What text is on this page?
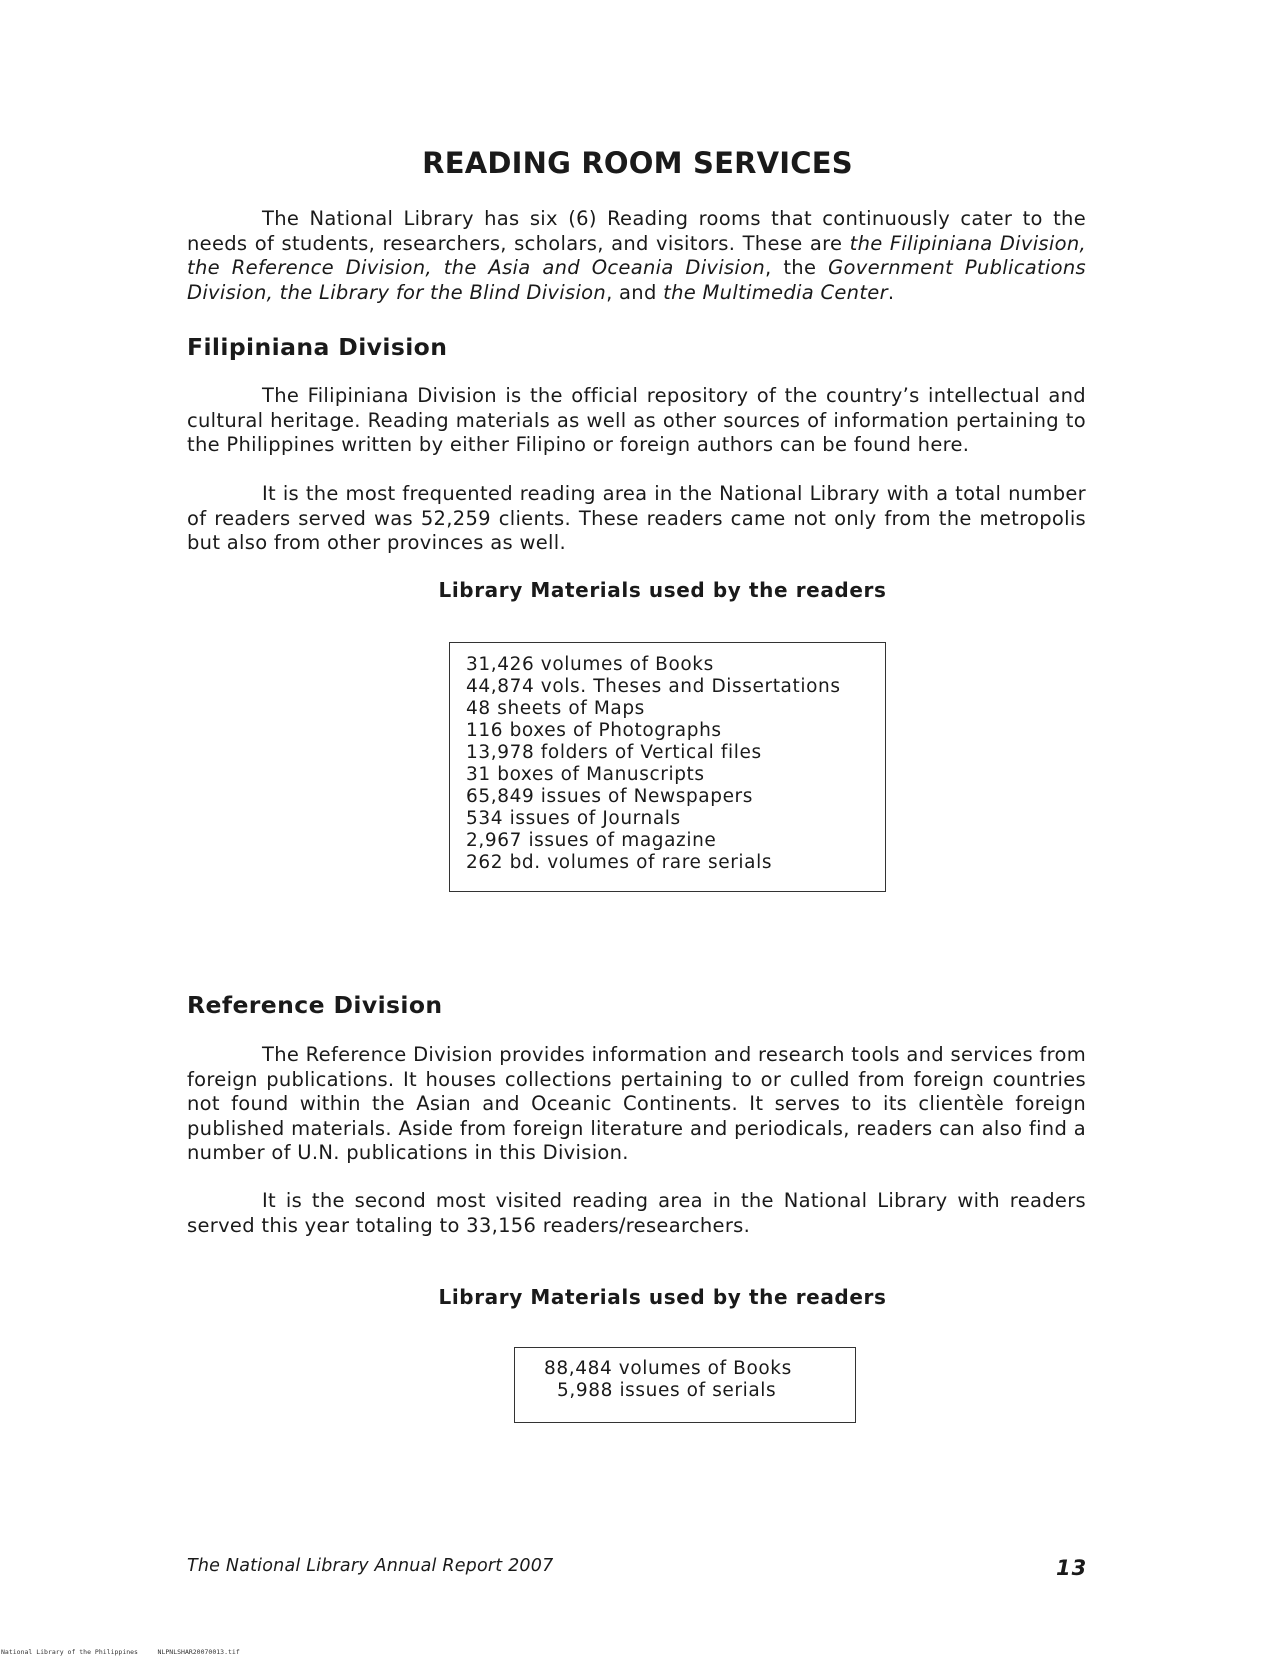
READING ROOM SERVICES

The National Library has six (6) Reading rooms that continuously cater to the needs of students, researchers, scholars, and visitors. These are the Filipiniana Division, the Reference Division, the Asia and Oceania Division, the Government Publications Division, the Library for the Blind Division, and the Multimedia Center.

Filipiniana Division

The Filipiniana Division is the official repository of the country’s intellectual and cultural heritage. Reading materials as well as other sources of information pertaining to the Philippines written by either Filipino or foreign authors can be found here.

It is the most frequented reading area in the National Library with a total number of readers served was 52,259 clients. These readers came not only from the metropolis but also from other provinces as well.

Library Materials used by the readers
31,426 volumes of Books
44,874 vols. Theses and Dissertations
48 sheets of Maps
116 boxes of Photographs
13,978 folders of Vertical files
31 boxes of Manuscripts
65,849 issues of Newspapers
534 issues of Journals
2,967 issues of magazine
262 bd. volumes of rare serials
Reference Division

The Reference Division provides information and research tools and services from foreign publications. It houses collections pertaining to or culled from foreign countries not found within the Asian and Oceanic Continents. It serves to its clientèle foreign published materials. Aside from foreign literature and periodicals, readers can also find a number of U.N. publications in this Division.

It is the second most visited reading area in the National Library with readers served this year totaling to 33,156 readers/researchers.

Library Materials used by the readers
88,484 volumes of Books
5,988 issues of serials

The National Library Annual Report 2007	13

National Library of the Philippines	NLPNLSHAR20070013.tif
